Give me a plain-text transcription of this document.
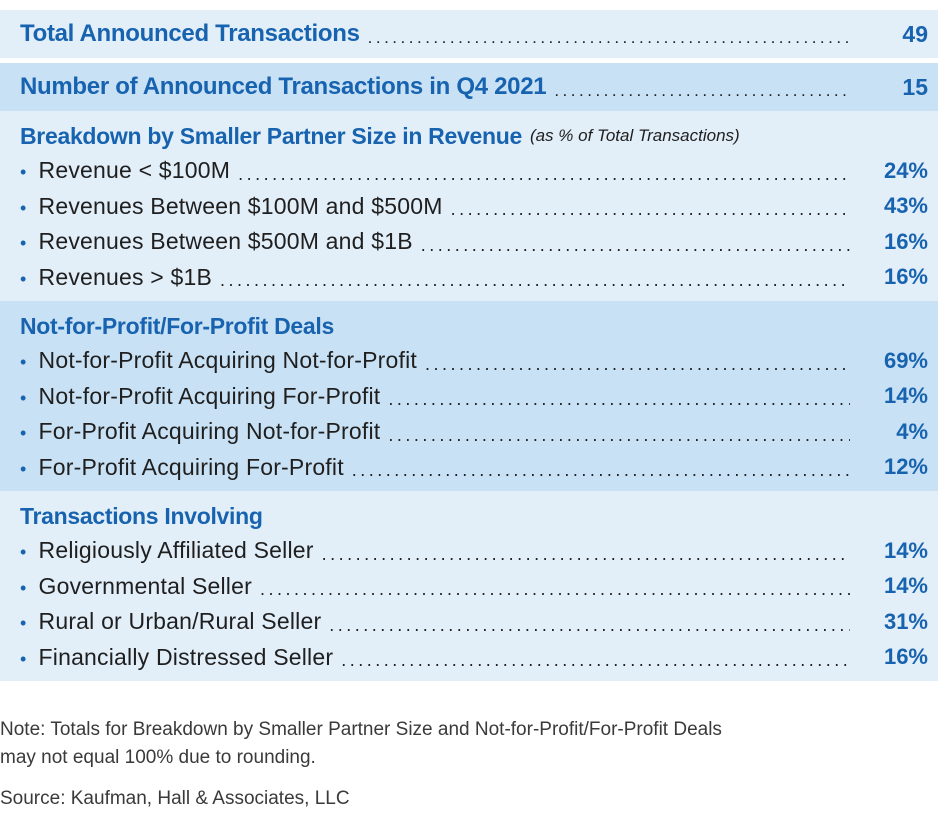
Total Announced Transactions .....	49
Number of Announced Transactions in Q4 2021 .....	15
Breakdown by Smaller Partner Size in Revenue (as % of Total Transactions)
• Revenue < $100M .....	24%
• Revenues Between $100M and $500M .....	43%
• Revenues Between $500M and $1B .....	16%
• Revenues > $1B .....	16%
Not-for-Profit/For-Profit Deals
• Not-for-Profit Acquiring Not-for-Profit .....	69%
• Not-for-Profit Acquiring For-Profit .....	14%
• For-Profit Acquiring Not-for-Profit .....	4%
• For-Profit Acquiring For-Profit .....	12%
Transactions Involving
• Religiously Affiliated Seller .....	14%
• Governmental Seller .....	14%
• Rural or Urban/Rural Seller .....	31%
• Financially Distressed Seller .....	16%

Note: Totals for Breakdown by Smaller Partner Size and Not-for-Profit/For-Profit Deals

may not equal 100% due to rounding.

Source: Kaufman, Hall & Associates, LLC
